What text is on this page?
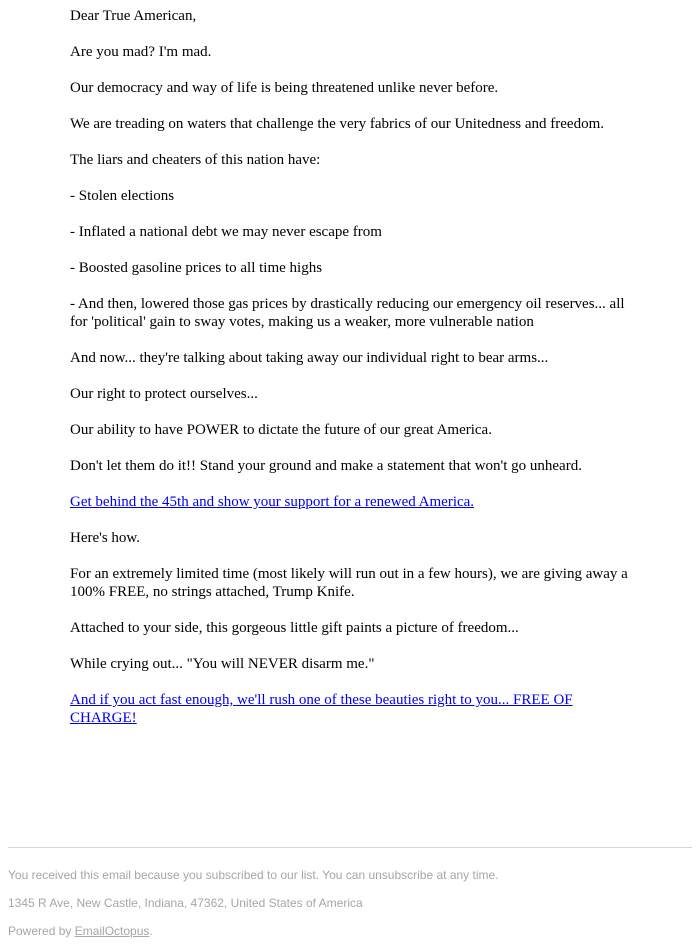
Dear True American,

Are you mad? I'm mad.

Our democracy and way of life is being threatened unlike never before.

We are treading on waters that challenge the very fabrics of our Unitedness and freedom.

The liars and cheaters of this nation have:

- Stolen elections

- Inflated a national debt we may never escape from

- Boosted gasoline prices to all time highs

- And then, lowered those gas prices by drastically reducing our emergency oil reserves... all for 'political' gain to sway votes, making us a weaker, more vulnerable nation

And now... they're talking about taking away our individual right to bear arms...

Our right to protect ourselves...

Our ability to have POWER to dictate the future of our great America.

Don't let them do it!! Stand your ground and make a statement that won't go unheard.

Get behind the 45th and show your support for a renewed America.

Here's how.

For an extremely limited time (most likely will run out in a few hours), we are giving away a 100% FREE, no strings attached, Trump Knife.

Attached to your side, this gorgeous little gift paints a picture of freedom...

While crying out... "You will NEVER disarm me."

And if you act fast enough, we'll rush one of these beauties right to you... FREE OF CHARGE!

You received this email because you subscribed to our list. You can unsubscribe at any time.

1345 R Ave, New Castle, Indiana, 47362, United States of America

Powered by EmailOctopus.
